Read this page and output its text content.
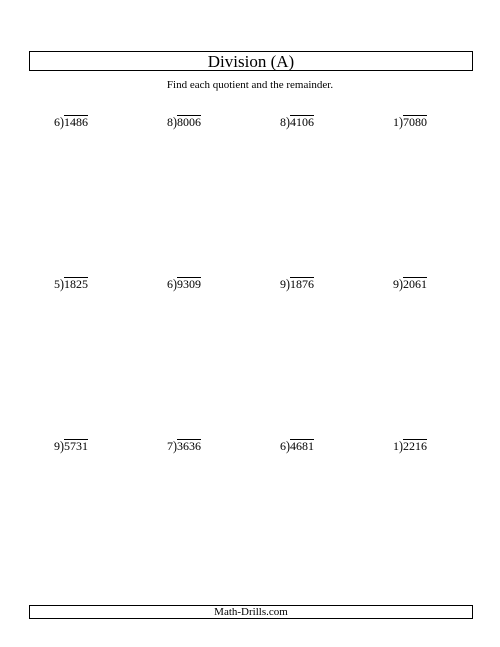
Division (A)
Find each quotient and the remainder.
6)1486	8)8006	8)4106	1)7080
5)1825	6)9309	9)1876	9)2061
9)5731	7)3636	6)4681	1)2216
Math-Drills.com
